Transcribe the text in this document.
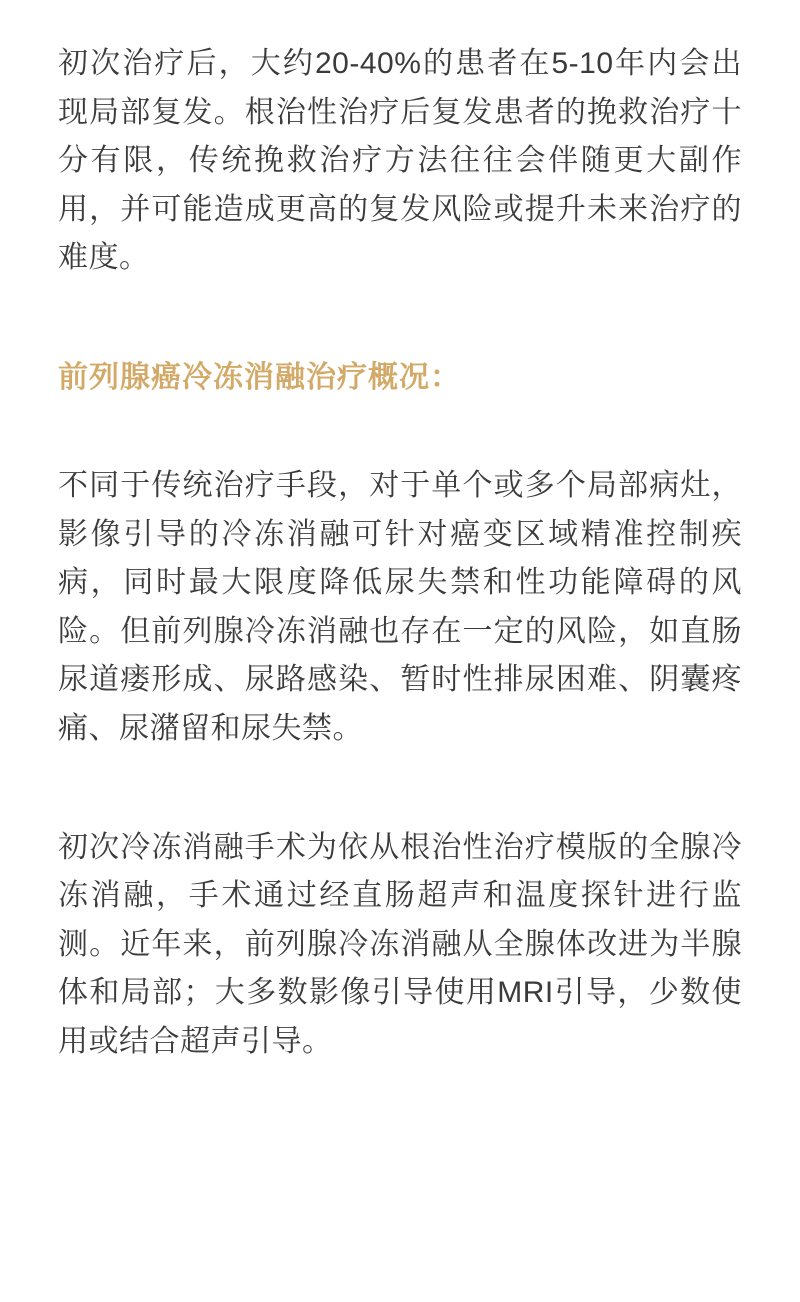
初次治疗后，大约20-40%的患者在5-10年内会出现局部复发。根治性治疗后复发患者的挽救治疗十分有限，传统挽救治疗方法往往会伴随更大副作用，并可能造成更高的复发风险或提升未来治疗的难度。

前列腺癌冷冻消融治疗概况：

不同于传统治疗手段，对于单个或多个局部病灶，影像引导的冷冻消融可针对癌变区域精准控制疾病，同时最大限度降低尿失禁和性功能障碍的风险。但前列腺冷冻消融也存在一定的风险，如直肠尿道瘘形成、尿路感染、暂时性排尿困难、阴囊疼痛、尿潴留和尿失禁。

初次冷冻消融手术为依从根治性治疗模版的全腺冷冻消融，手术通过经直肠超声和温度探针进行监测。近年来，前列腺冷冻消融从全腺体改进为半腺体和局部；大多数影像引导使用MRI引导，少数使用或结合超声引导。
